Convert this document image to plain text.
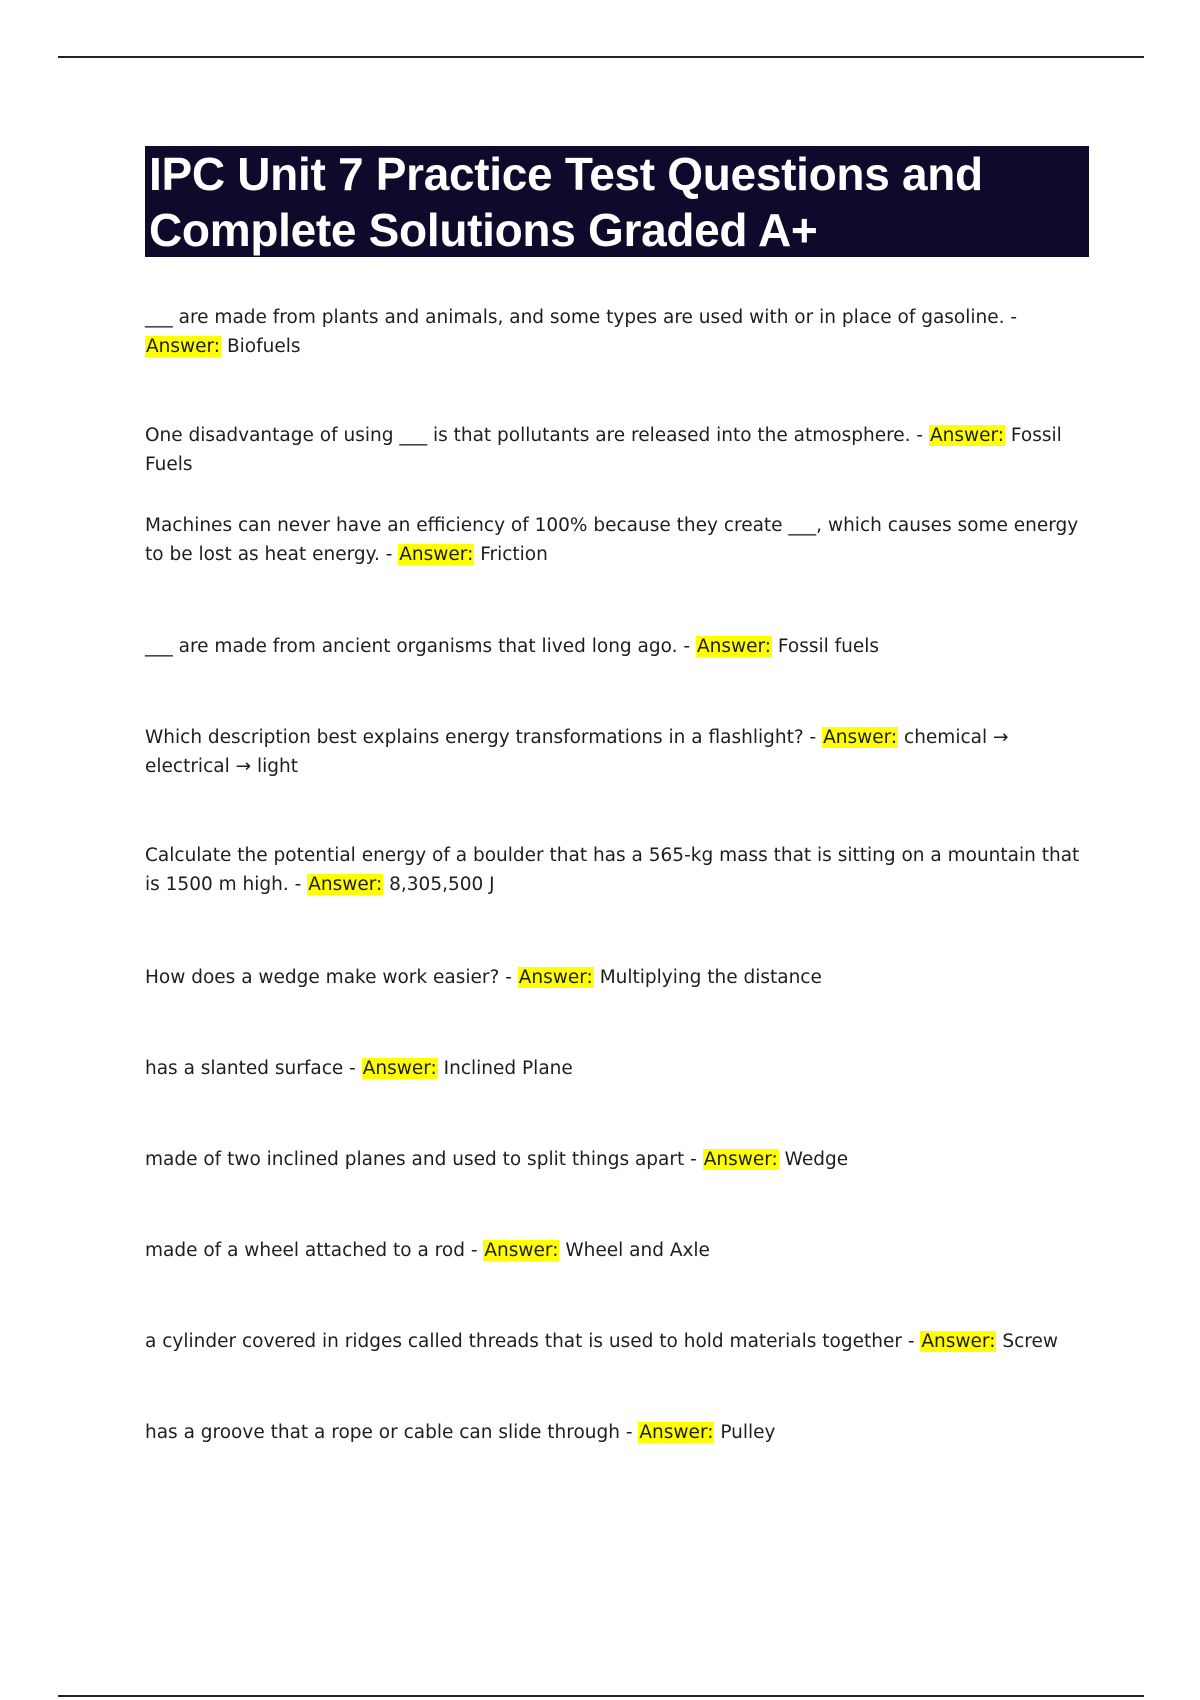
IPC Unit 7 Practice Test Questions and Complete Solutions Graded A+
___ are made from plants and animals, and some types are used with or in place of gasoline. - Answer: Biofuels
One disadvantage of using ___ is that pollutants are released into the atmosphere. - Answer: Fossil Fuels
Machines can never have an efficiency of 100% because they create ___, which causes some energy to be lost as heat energy. - Answer: Friction
___ are made from ancient organisms that lived long ago. - Answer: Fossil fuels
Which description best explains energy transformations in a flashlight? - Answer: chemical → electrical → light
Calculate the potential energy of a boulder that has a 565-kg mass that is sitting on a mountain that is 1500 m high. - Answer: 8,305,500 J
How does a wedge make work easier? - Answer: Multiplying the distance
has a slanted surface - Answer: Inclined Plane
made of two inclined planes and used to split things apart - Answer: Wedge
made of a wheel attached to a rod - Answer: Wheel and Axle
a cylinder covered in ridges called threads that is used to hold materials together - Answer: Screw
has a groove that a rope or cable can slide through - Answer: Pulley
